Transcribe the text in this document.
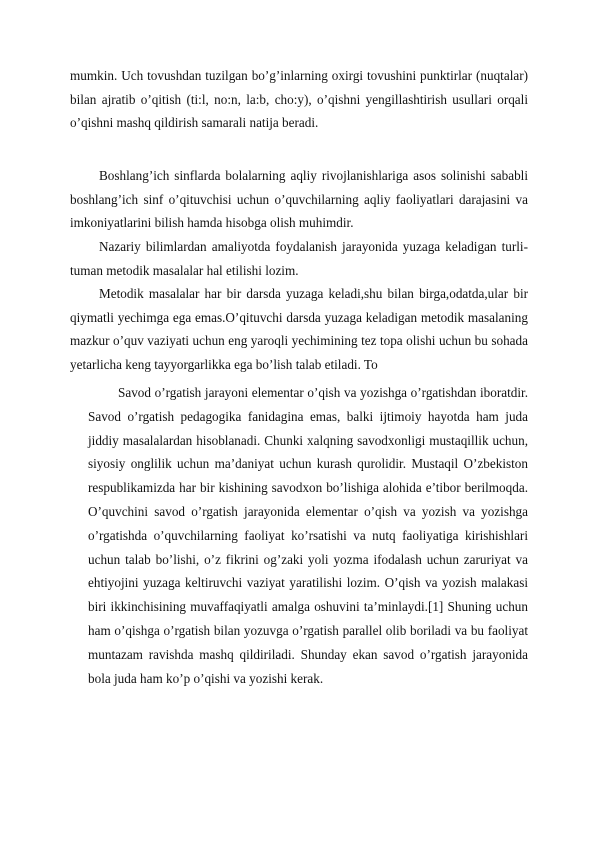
mumkin. Uch tovushdan tuzilgan bo’g’inlarning oxirgi tovushini punktirlar (nuqtalar) bilan ajratib o’qitish (ti:l, no:n, la:b, cho:y), o’qishni yengillashtirish usullari orqali o’qishni mashq qildirish samarali natija beradi.

Boshlang’ich sinflarda bolalarning aqliy rivojlanishlariga asos solinishi sababli boshlang’ich sinf o’qituvchisi uchun o’quvchilarning aqliy faoliyatlari darajasini va imkoniyatlarini bilish hamda hisobga olish muhimdir.

Nazariy bilimlardan amaliyotda foydalanish jarayonida yuzaga keladigan turli-tuman metodik masalalar hal etilishi lozim.

Metodik masalalar har bir darsda yuzaga keladi,shu bilan birga,odatda,ular bir qiymatli yechimga ega emas.O’qituvchi darsda yuzaga keladigan metodik masalaning mazkur o’quv vaziyati uchun eng yaroqli yechimining tez topa olishi uchun bu sohada yetarlicha keng tayyorgarlikka ega bo’lish talab etiladi. To

Savod o’rgatish jarayoni elementar o’qish va yozishga o’rgatishdan iboratdir. Savod o’rgatish pedagogika fanidagina emas, balki ijtimoiy hayotda ham juda jiddiy masalalardan hisoblanadi. Chunki xalqning savodxonligi mustaqillik uchun, siyosiy onglilik uchun ma’daniyat uchun kurash qurolidir. Mustaqil O’zbekiston respublikamizda har bir kishining savodxon bo’lishiga alohida e’tibor berilmoqda. O’quvchini savod o’rgatish jarayonida elementar o’qish va yozish va yozishga o’rgatishda o’quvchilarning faoliyat ko’rsatishi va nutq faoliyatiga kirishishlari uchun talab bo’lishi, o’z fikrini og’zaki yoli yozma ifodalash uchun zaruriyat va ehtiyojini yuzaga keltiruvchi vaziyat yaratilishi lozim. O’qish va yozish malakasi biri ikkinchisining muvaffaqiyatli amalga oshuvini ta’minlaydi.[1] Shuning uchun ham o’qishga o’rgatish bilan yozuvga o’rgatish parallel olib boriladi va bu faoliyat muntazam ravishda mashq qildiriladi. Shunday ekan savod o’rgatish jarayonida bola juda ham ko’p o’qishi va yozishi kerak.
